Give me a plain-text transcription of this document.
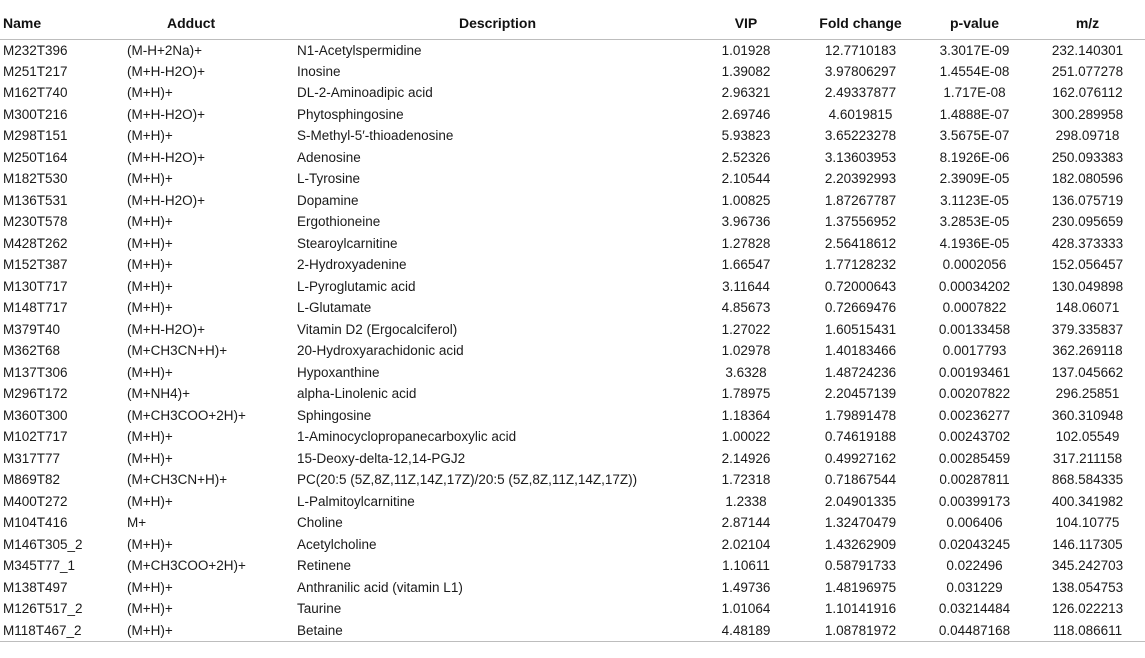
Name	Adduct	Description	VIP	Fold change	p-value	m/z
M232T396	(M-H+2Na)+	N1-Acetylspermidine	1.01928	12.7710183	3.3017E-09	232.140301
M251T217	(M+H-H2O)+	Inosine	1.39082	3.97806297	1.4554E-08	251.077278
M162T740	(M+H)+	DL-2-Aminoadipic acid	2.96321	2.49337877	1.717E-08	162.076112
M300T216	(M+H-H2O)+	Phytosphingosine	2.69746	4.6019815	1.4888E-07	300.289958
M298T151	(M+H)+	S-Methyl-5′-thioadenosine	5.93823	3.65223278	3.5675E-07	298.09718
M250T164	(M+H-H2O)+	Adenosine	2.52326	3.13603953	8.1926E-06	250.093383
M182T530	(M+H)+	L-Tyrosine	2.10544	2.20392993	2.3909E-05	182.080596
M136T531	(M+H-H2O)+	Dopamine	1.00825	1.87267787	3.1123E-05	136.075719
M230T578	(M+H)+	Ergothioneine	3.96736	1.37556952	3.2853E-05	230.095659
M428T262	(M+H)+	Stearoylcarnitine	1.27828	2.56418612	4.1936E-05	428.373333
M152T387	(M+H)+	2-Hydroxyadenine	1.66547	1.77128232	0.0002056	152.056457
M130T717	(M+H)+	L-Pyroglutamic acid	3.11644	0.72000643	0.00034202	130.049898
M148T717	(M+H)+	L-Glutamate	4.85673	0.72669476	0.0007822	148.06071
M379T40	(M+H-H2O)+	Vitamin D2 (Ergocalciferol)	1.27022	1.60515431	0.00133458	379.335837
M362T68	(M+CH3CN+H)+	20-Hydroxyarachidonic acid	1.02978	1.40183466	0.0017793	362.269118
M137T306	(M+H)+	Hypoxanthine	3.6328	1.48724236	0.00193461	137.045662
M296T172	(M+NH4)+	alpha-Linolenic acid	1.78975	2.20457139	0.00207822	296.25851
M360T300	(M+CH3COO+2H)+	Sphingosine	1.18364	1.79891478	0.00236277	360.310948
M102T717	(M+H)+	1-Aminocyclopropanecarboxylic acid	1.00022	0.74619188	0.00243702	102.05549
M317T77	(M+H)+	15-Deoxy-delta-12,14-PGJ2	2.14926	0.49927162	0.00285459	317.211158
M869T82	(M+CH3CN+H)+	PC(20:5 (5Z,8Z,11Z,14Z,17Z)/20:5 (5Z,8Z,11Z,14Z,17Z))	1.72318	0.71867544	0.00287811	868.584335
M400T272	(M+H)+	L-Palmitoylcarnitine	1.2338	2.04901335	0.00399173	400.341982
M104T416	M+	Choline	2.87144	1.32470479	0.006406	104.10775
M146T305_2	(M+H)+	Acetylcholine	2.02104	1.43262909	0.02043245	146.117305
M345T77_1	(M+CH3COO+2H)+	Retinene	1.10611	0.58791733	0.022496	345.242703
M138T497	(M+H)+	Anthranilic acid (vitamin L1)	1.49736	1.48196975	0.031229	138.054753
M126T517_2	(M+H)+	Taurine	1.01064	1.10141916	0.03214484	126.022213
M118T467_2	(M+H)+	Betaine	4.48189	1.08781972	0.04487168	118.086611
